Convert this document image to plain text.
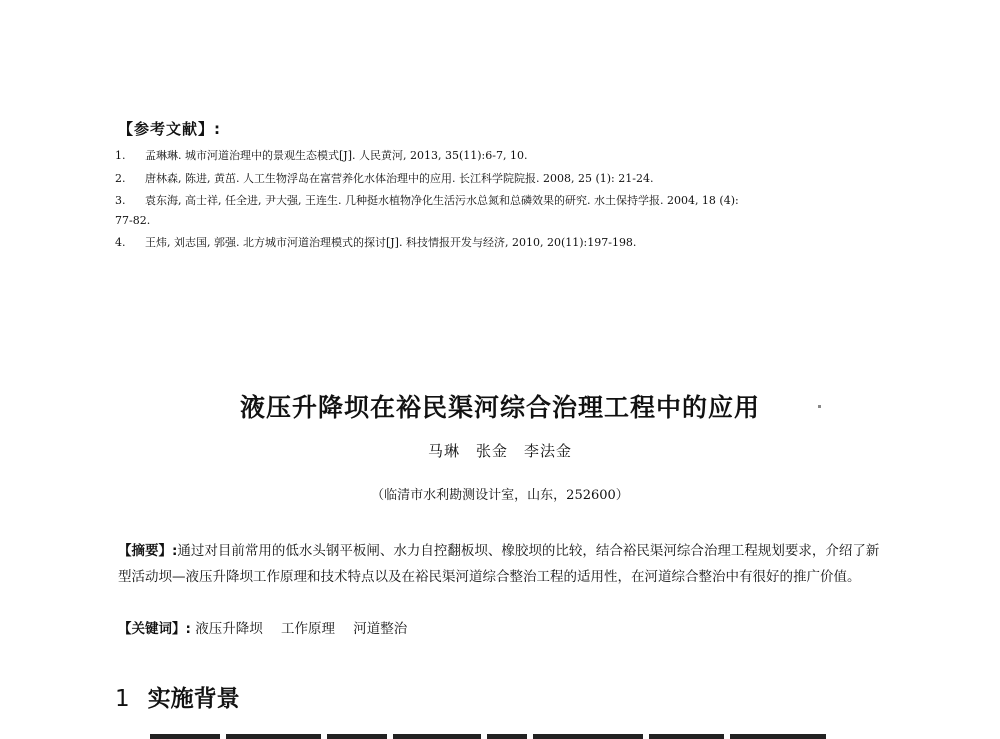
【参考文献】:
1.	孟琳琳. 城市河道治理中的景观生态模式[J]. 人民黄河, 2013, 35(11):6-7, 10.
2.	唐林森, 陈进, 黄茁. 人工生物浮岛在富营养化水体治理中的应用. 长江科学院院报. 2008, 25 (1): 21-24.
3.	袁东海, 高士祥, 任全进, 尹大强, 王连生. 几种挺水植物净化生活污水总氮和总磷效果的研究. 水土保持学报. 2004, 18 (4):
77-82.
4.	王炜, 刘志国, 郭强. 北方城市河道治理模式的探讨[J]. 科技情报开发与经济, 2010, 20(11):197-198.
液压升降坝在裕民渠河综合治理工程中的应用
马琳　张金　李法金
（临清市水利勘测设计室，山东，252600）
【摘要】:通过对目前常用的低水头钢平板闸、水力自控翻板坝、橡胶坝的比较，结合裕民渠河综合治理工程规划要求，介绍了新型活动坝—液压升降坝工作原理和技术特点以及在裕民渠河道综合整治工程的适用性，在河道综合整治中有很好的推广价值。
【关键词】: 液压升降坝 工作原理 河道整治
1 实施背景
